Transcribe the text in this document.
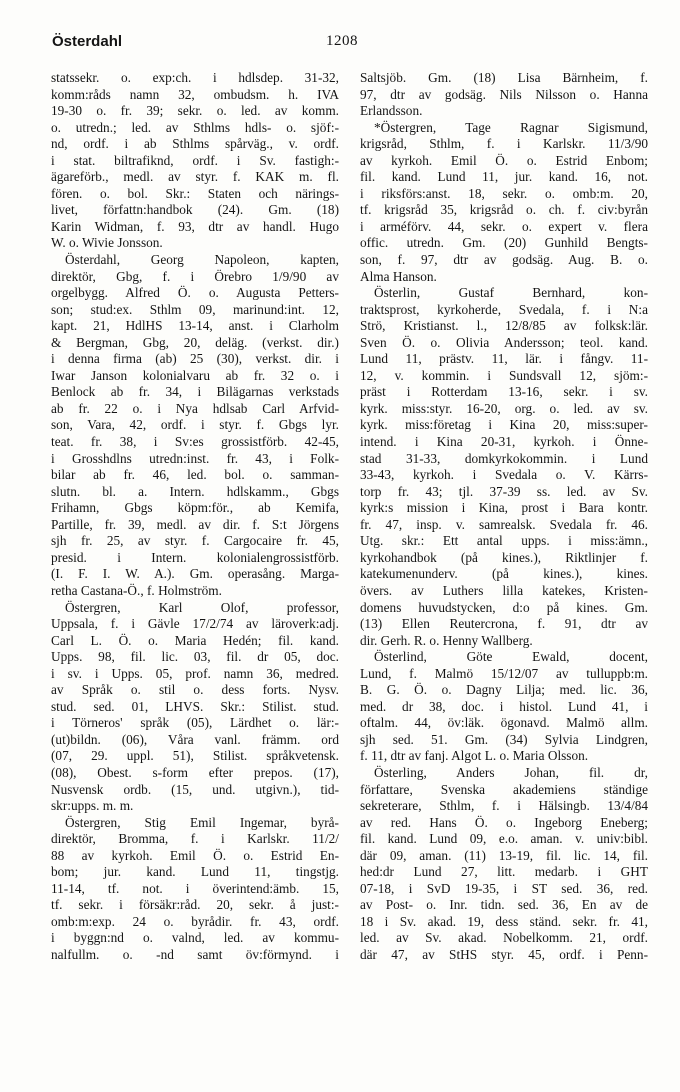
Österdahl	1208
statssekr. o. exp:ch. i hdlsdep. 31-32,
komm:råds namn 32, ombudsm. h. IVA
19-30 o. fr. 39; sekr. o. led. av komm.
o. utredn.; led. av Sthlms hdls- o. sjöf:-
nd, ordf. i ab Sthlms spårväg., v. ordf.
i stat. biltrafiknd, ordf. i Sv. fastigh:-
ägareförb., medl. av styr. f. KAK m. fl.
fören. o. bol. Skr.: Staten och närings-
livet, författn:handbok (24). Gm. (18)
Karin Widman, f. 93, dtr av handl. Hugo
W. o. Wivie Jonsson.
Österdahl, Georg Napoleon, kapten,
direktör, Gbg, f. i Örebro 1/9/90 av
orgelbygg. Alfred Ö. o. Augusta Petters-
son; stud:ex. Sthlm 09, marinund:int. 12,
kapt. 21, HdlHS 13-14, anst. i Clarholm
& Bergman, Gbg, 20, deläg. (verkst. dir.)
i denna firma (ab) 25 (30), verkst. dir. i
Iwar Janson kolonialvaru ab fr. 32 o. i
Benlock ab fr. 34, i Bilägarnas verkstads
ab fr. 22 o. i Nya hdlsab Carl Arfvid-
son, Vara, 42, ordf. i styr. f. Gbgs lyr.
teat. fr. 38, i Sv:es grossistförb. 42-45,
i Grosshdlns utredn:inst. fr. 43, i Folk-
bilar ab fr. 46, led. bol. o. samman-
slutn. bl. a. Intern. hdlskamm., Gbgs
Frihamn, Gbgs köpm:för., ab Kemifa,
Partille, fr. 39, medl. av dir. f. S:t Jörgens
sjh fr. 25, av styr. f. Cargocaire fr. 45,
presid. i Intern. kolonialengrossistförb.
(I. F. I. W. A.). Gm. operasång. Marga-
retha Castana-Ö., f. Holmström.
Östergren, Karl Olof, professor,
Uppsala, f. i Gävle 17/2/74 av läroverk:adj.
Carl L. Ö. o. Maria Hedén; fil. kand.
Upps. 98, fil. lic. 03, fil. dr 05, doc.
i sv. i Upps. 05, prof. namn 36, medred.
av Språk o. stil o. dess forts. Nysv.
stud. sed. 01, LHVS. Skr.: Stilist. stud.
i Törneros' språk (05), Lärdhet o. lär:-
(ut)bildn. (06), Våra vanl. främm. ord
(07, 29. uppl. 51), Stilist. språkvetensk.
(08), Obest. s-form efter prepos. (17),
Nusvensk ordb. (15, und. utgivn.), tid-
skr:upps. m. m.
Östergren, Stig Emil Ingemar, byrå-
direktör, Bromma, f. i Karlskr. 11/2/
88 av kyrkoh. Emil Ö. o. Estrid En-
bom; jur. kand. Lund 11, tingstjg.
11-14, tf. not. i överintend:ämb. 15,
tf. sekr. i försäkr:råd. 20, sekr. å just:-
omb:m:exp. 24 o. byrådir. fr. 43, ordf.
i byggn:nd o. valnd, led. av kommu-
nalfullm. o. -nd samt öv:förmynd. i
Saltsjöb. Gm. (18) Lisa Bärnheim, f.
97, dtr av godsäg. Nils Nilsson o. Hanna
Erlandsson.
*Östergren, Tage Ragnar Sigismund,
krigsråd, Sthlm, f. i Karlskr. 11/3/90
av kyrkoh. Emil Ö. o. Estrid Enbom;
fil. kand. Lund 11, jur. kand. 16, not.
i riksförs:anst. 18, sekr. o. omb:m. 20,
tf. krigsråd 35, krigsråd o. ch. f. civ:byrån
i arméförv. 44, sekr. o. expert v. flera
offic. utredn. Gm. (20) Gunhild Bengts-
son, f. 97, dtr av godsäg. Aug. B. o.
Alma Hanson.
Österlin, Gustaf Bernhard, kon-
traktsprost, kyrkoherde, Svedala, f. i N:a
Strö, Kristianst. l., 12/8/85 av folksk:lär.
Sven Ö. o. Olivia Andersson; teol. kand.
Lund 11, prästv. 11, lär. i fångv. 11-
12, v. kommin. i Sundsvall 12, sjöm:-
präst i Rotterdam 13-16, sekr. i sv.
kyrk. miss:styr. 16-20, org. o. led. av sv.
kyrk. miss:företag i Kina 20, miss:super-
intend. i Kina 20-31, kyrkoh. i Önne-
stad 31-33, domkyrkokommin. i Lund
33-43, kyrkoh. i Svedala o. V. Kärrs-
torp fr. 43; tjl. 37-39 ss. led. av Sv.
kyrk:s mission i Kina, prost i Bara kontr.
fr. 47, insp. v. samrealsk. Svedala fr. 46.
Utg. skr.: Ett antal upps. i miss:ämn.,
kyrkohandbok (på kines.), Riktlinjer f.
katekumenunderv. (på kines.), kines.
övers. av Luthers lilla katekes, Kristen-
domens huvudstycken, d:o på kines. Gm.
(13) Ellen Reutercrona, f. 91, dtr av
dir. Gerh. R. o. Henny Wallberg.
Österlind, Göte Ewald, docent,
Lund, f. Malmö 15/12/07 av tulluppb:m.
B. G. Ö. o. Dagny Lilja; med. lic. 36,
med. dr 38, doc. i histol. Lund 41, i
oftalm. 44, öv:läk. ögonavd. Malmö allm.
sjh sed. 51. Gm. (34) Sylvia Lindgren,
f. 11, dtr av fanj. Algot L. o. Maria Olsson.
Österling, Anders Johan, fil. dr,
författare, Svenska akademiens ständige
sekreterare, Sthlm, f. i Hälsingb. 13/4/84
av red. Hans Ö. o. Ingeborg Eneberg;
fil. kand. Lund 09, e.o. aman. v. univ:bibl.
där 09, aman. (11) 13-19, fil. lic. 14, fil.
hed:dr Lund 27, litt. medarb. i GHT
07-18, i SvD 19-35, i ST sed. 36, red.
av Post- o. Inr. tidn. sed. 36, En av de
18 i Sv. akad. 19, dess ständ. sekr. fr. 41,
led. av Sv. akad. Nobelkomm. 21, ordf.
där 47, av StHS styr. 45, ordf. i Penn-
